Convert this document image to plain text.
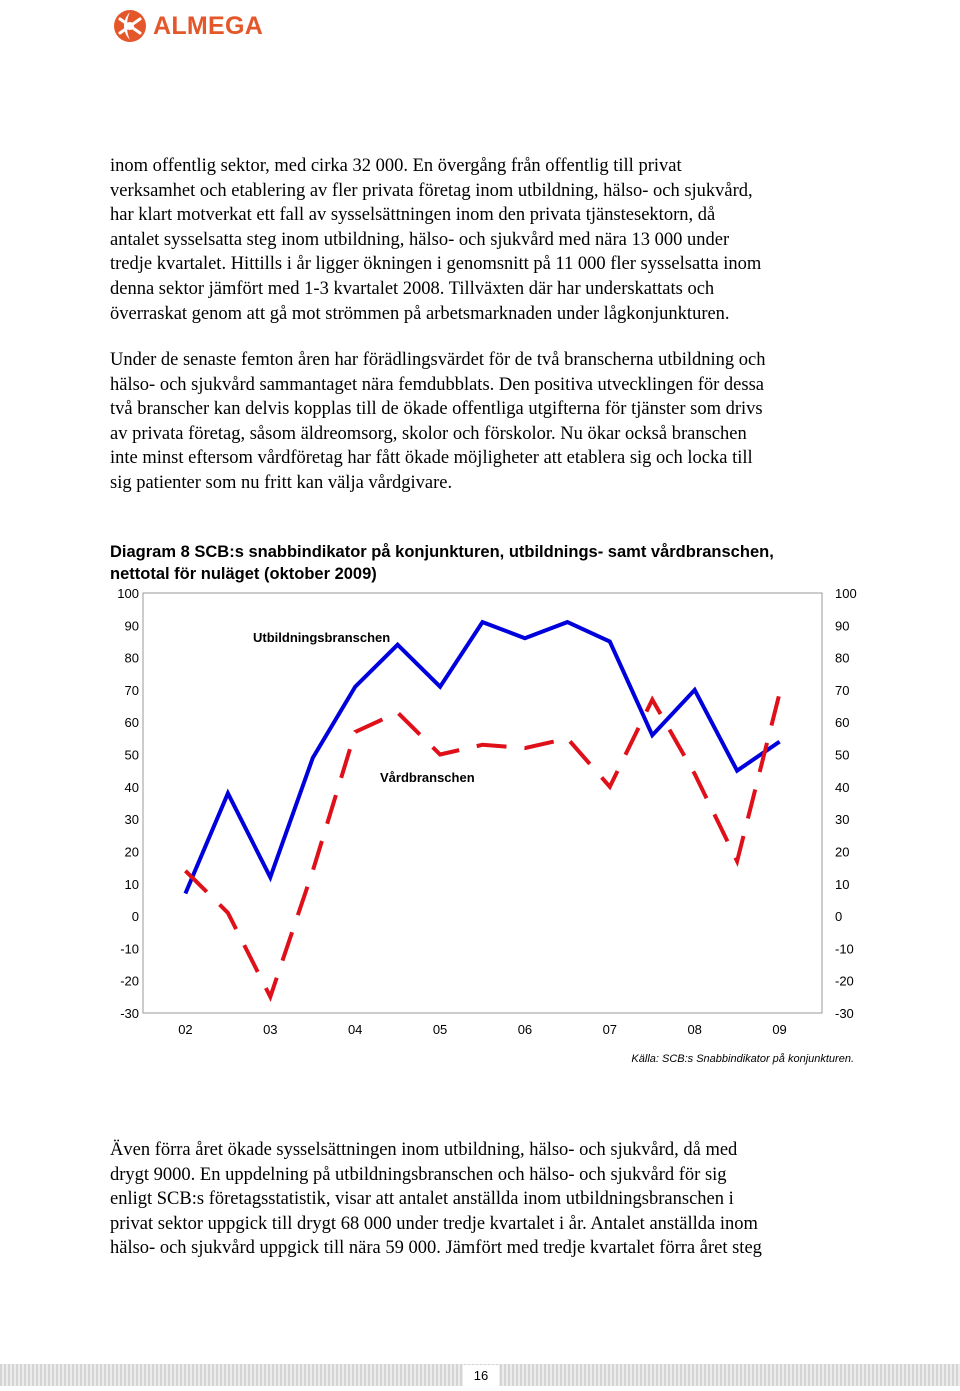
ALMEGA

inom offentlig sektor, med cirka 32 000. En övergång från offentlig till privat
verksamhet och etablering av fler privata företag inom utbildning, hälso- och sjukvård,
har klart motverkat ett fall av sysselsättningen inom den privata tjänstesektorn, då
antalet sysselsatta steg inom utbildning, hälso- och sjukvård med nära 13 000 under
tredje kvartalet. Hittills i år ligger ökningen i genomsnitt på 11 000 fler sysselsatta inom
denna sektor jämfört med 1-3 kvartalet 2008. Tillväxten där har underskattats och
överraskat genom att gå mot strömmen på arbetsmarknaden under lågkonjunkturen.

Under de senaste femton åren har förädlingsvärdet för de två branscherna utbildning och
hälso- och sjukvård sammantaget nära femdubblats. Den positiva utvecklingen för dessa
två branscher kan delvis kopplas till de ökade offentliga utgifterna för tjänster som drivs
av privata företag, såsom äldreomsorg, skolor och förskolor. Nu ökar också branschen
inte minst eftersom vårdföretag har fått ökade möjligheter att etablera sig och locka till
sig patienter som nu fritt kan välja vårdgivare.

Diagram 8 SCB:s snabbindikator på konjunkturen, utbildnings- samt vårdbranschen,
nettotal för nuläget (oktober 2009)
-30	-30
-20	-20
-10	-10
0	0
10	10
20	20
30	30
40	40
50	50
60	60
70	70
80	80
90	90
100	100
02	03	04	05	06	07	08	09
Utbildningsbranschen
Vårdbranschen
Källa: SCB:s Snabbindikator på konjunkturen.

Även förra året ökade sysselsättningen inom utbildning, hälso- och sjukvård, då med
drygt 9000. En uppdelning på utbildningsbranschen och hälso- och sjukvård för sig
enligt SCB:s företagsstatistik, visar att antalet anställda inom utbildningsbranschen i
privat sektor uppgick till drygt 68 000 under tredje kvartalet i år. Antalet anställda inom
hälso- och sjukvård uppgick till nära 59 000. Jämfört med tredje kvartalet förra året steg

16
